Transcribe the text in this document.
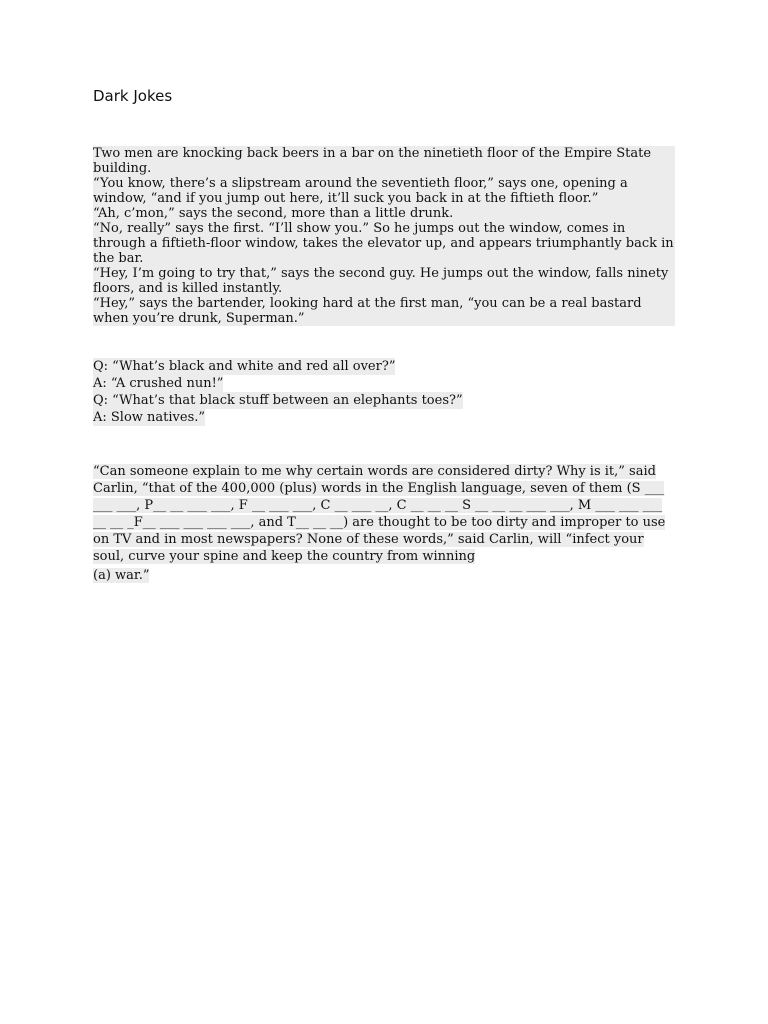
Dark Jokes

Two men are knocking back beers in a bar on the ninetieth floor of the Empire State building.

“You know, there’s a slipstream around the seventieth floor,” says one, opening a window, “and if you jump out here, it’ll suck you back in at the fiftieth floor.”

“Ah, c’mon,” says the second, more than a little drunk.

“No, really” says the first. “I’ll show you.” So he jumps out the window, comes in through a fiftieth-floor window, takes the elevator up, and appears triumphantly back in the bar.

“Hey, I’m going to try that,” says the second guy. He jumps out the window, falls ninety floors, and is killed instantly.

“Hey,” says the bartender, looking hard at the first man, “you can be a real bastard when you’re drunk, Superman.”

Q: “What’s black and white and red all over?”
A: “A crushed nun!”
Q: “What’s that black stuff between an elephants toes?”
A: Slow natives.”
“Can someone explain to me why certain words are considered dirty? Why is it,” said Carlin, “that of the 400,000 (plus) words in the English language, seven of them (S ___ ___ ___, P__ __ ___ ___, F __ ___ ___, C __ ___ __, C __ __ __ S __ __ __ ___ ___, M ___ ___ ___ __ __ _F__ ___ ___ ___ ___, and T__ __ __) are thought to be too dirty and improper to use on TV and in most newspapers? None of these words,” said Carlin, will “infect your soul, curve your spine and keep the country from winning
(a) war.”
